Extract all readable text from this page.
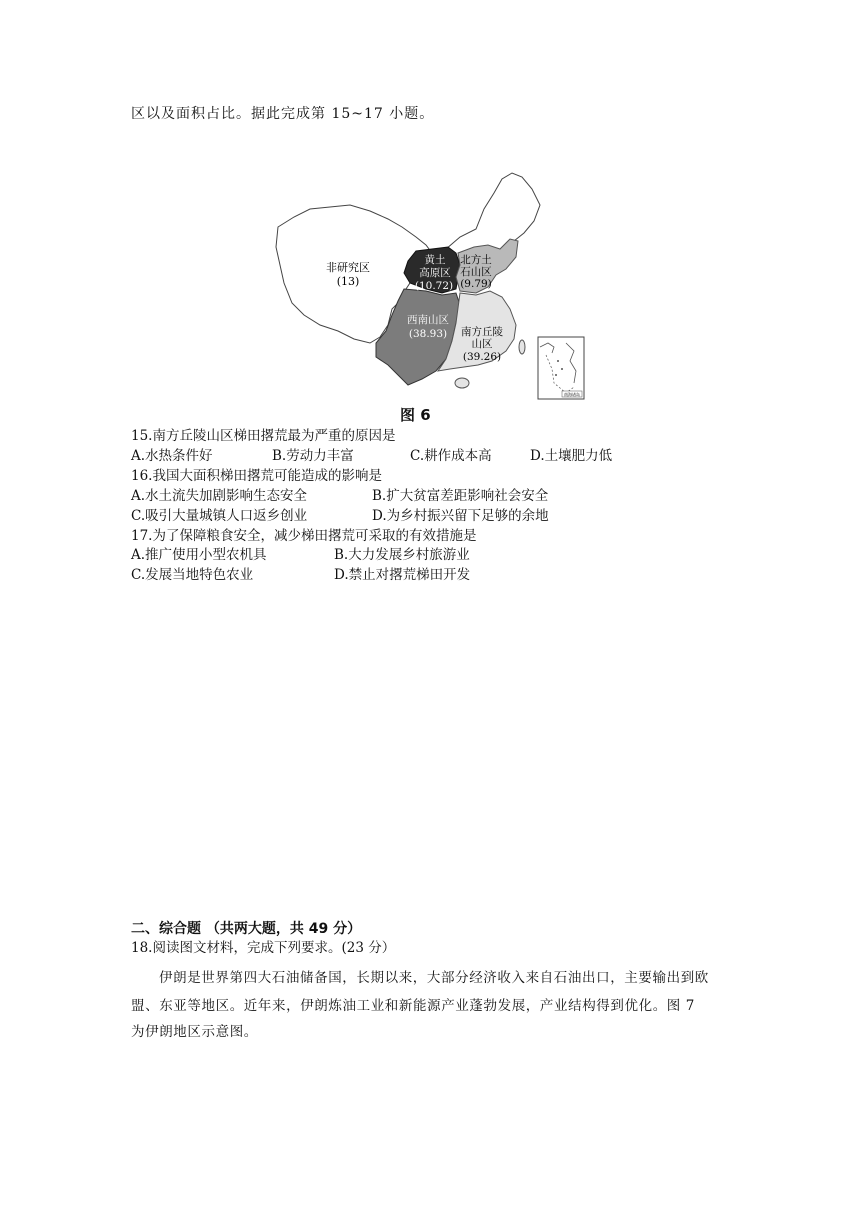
区以及面积占比。据此完成第 15~17 小题。
非研究区
(13)
黄土
高原区
(10.72)
北方土
石山区
(9.79)
西南山区
(38.93) 南方丘陵
山区
(39.26)
南海诸岛
图 6
15.南方丘陵山区梯田撂荒最为严重的原因是
A.水热条件好	B.劳动力丰富	C.耕作成本高	D.土壤肥力低
16.我国大面积梯田撂荒可能造成的影响是
A.水土流失加剧影响生态安全	B.扩大贫富差距影响社会安全
C.吸引大量城镇人口返乡创业	D.为乡村振兴留下足够的余地
17.为了保障粮食安全，减少梯田撂荒可采取的有效措施是
A.推广使用小型农机具	B.大力发展乡村旅游业
C.发展当地特色农业	D.禁止对撂荒梯田开发
二、综合题 （共两大题，共 49 分）
18.阅读图文材料，完成下列要求。(23 分）
伊朗是世界第四大石油储备国，长期以来，大部分经济收入来自石油出口，主要输出到欧
盟、东亚等地区。近年来，伊朗炼油工业和新能源产业蓬勃发展，产业结构得到优化。图 7
为伊朗地区示意图。
